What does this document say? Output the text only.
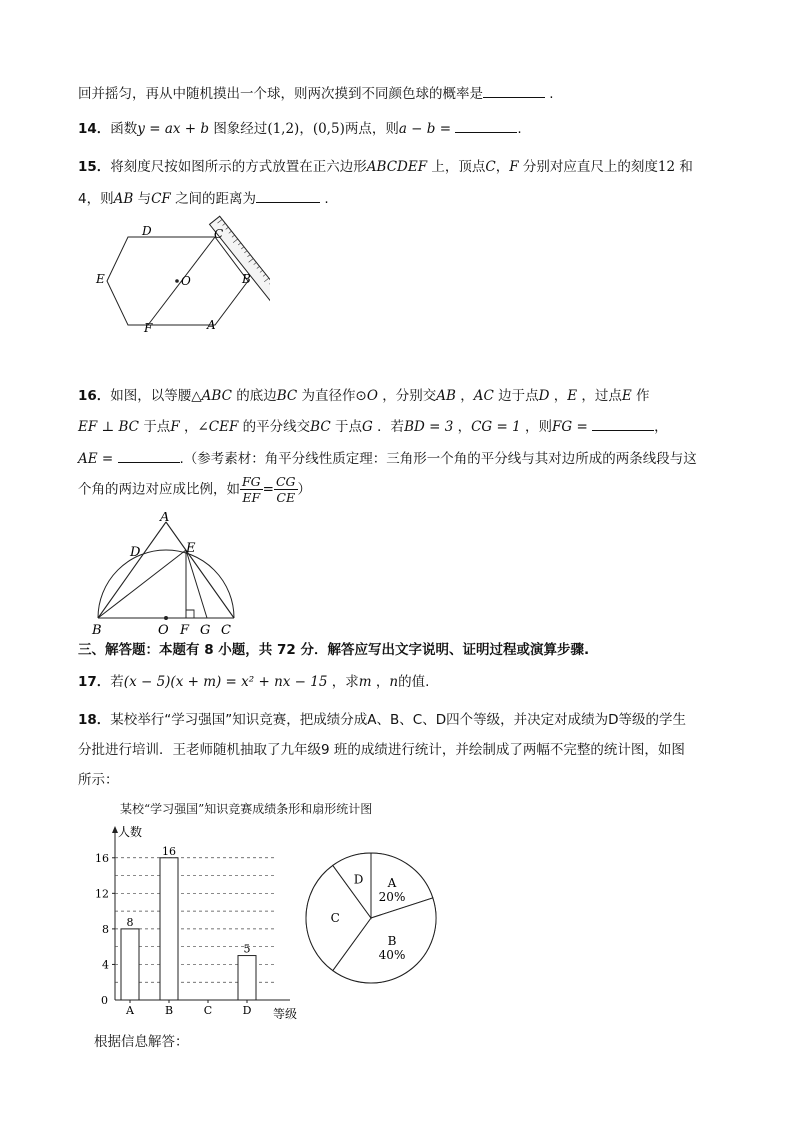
回并摇匀，再从中随机摸出一个球，则两次摸到不同颜色球的概率是	.
14．函数y = ax + b 图象经过(1,2)，(0,5)两点，则a − b =	.
15．将刻度尺按如图所示的方式放置在正六边形ABCDEF 上，顶点C，F 分别对应直尺上的刻度12 和
4，则AB 与CF 之间的距离为	.
D	C
E	B
O
F	A
16．如图，以等腰△ABC 的底边BC 为直径作⊙O ，分别交AB ，AC 边于点D ，E ，过点E 作
EF ⊥ BC 于点F ，∠CEF 的平分线交BC 于点G ．若BD = 3 ，CG = 1 ，则FG =	，
AE =	.（参考素材：角平分线性质定理：三角形一个角的平分线与其对边所成的两条线段与这
个角的两边对应成比例，如 $\frac{FG}{EF} = \frac{CG}{CE}$ ）
A
D	E
B	O F G C
三、解答题：本题有 8 小题，共 72 分．解答应写出文字说明、证明过程或演算步骤.
17．若(x − 5)(x + m) = x² + nx − 15 ，求m ，n的值.
18．某校举行“学习强国”知识竞赛，把成绩分成A、B、C、D四个等级，并决定对成绩为D等级的学生
分批进行培训．王老师随机抽取了九年级9 班的成绩进行统计，并绘制成了两幅不完整的统计图，如图
所示：
某校“学习强国”知识竞赛成绩条形和扇形统计图
0
4
8
12
16
人数
等级
8
A
16
B	C
5
D
A
20%
B
40%
C
D
根据信息解答：
